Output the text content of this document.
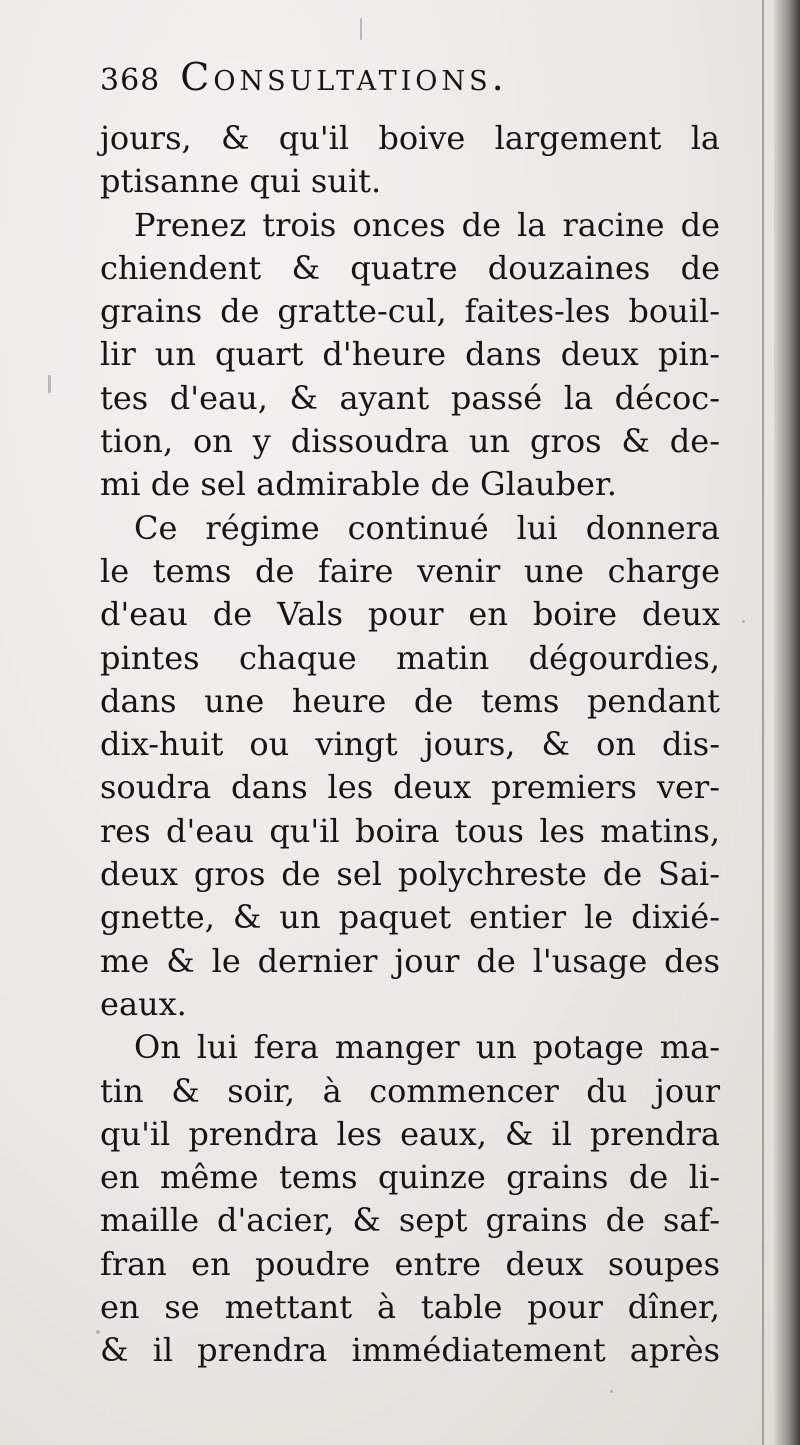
368 Consultations.
jours, & qu'il boive largement la
ptisanne qui suit.
Prenez trois onces de la racine de
chiendent & quatre douzaines de
grains de gratte-cul, faites-les bouil-
lir un quart d'heure dans deux pin-
tes d'eau, & ayant passé la décoc-
tion, on y dissoudra un gros & de-
mi de sel admirable de Glauber.
Ce régime continué lui donnera
le tems de faire venir une charge
d'eau de Vals pour en boire deux
pintes chaque matin dégourdies,
dans une heure de tems pendant
dix-huit ou vingt jours, & on dis-
soudra dans les deux premiers ver-
res d'eau qu'il boira tous les matins,
deux gros de sel polychreste de Sai-
gnette, & un paquet entier le dixié-
me & le dernier jour de l'usage des
eaux.
On lui fera manger un potage ma-
tin & soir, à commencer du jour
qu'il prendra les eaux, & il prendra
en même tems quinze grains de li-
maille d'acier, & sept grains de saf-
fran en poudre entre deux soupes
en se mettant à table pour dîner,
& il prendra immédiatement après
